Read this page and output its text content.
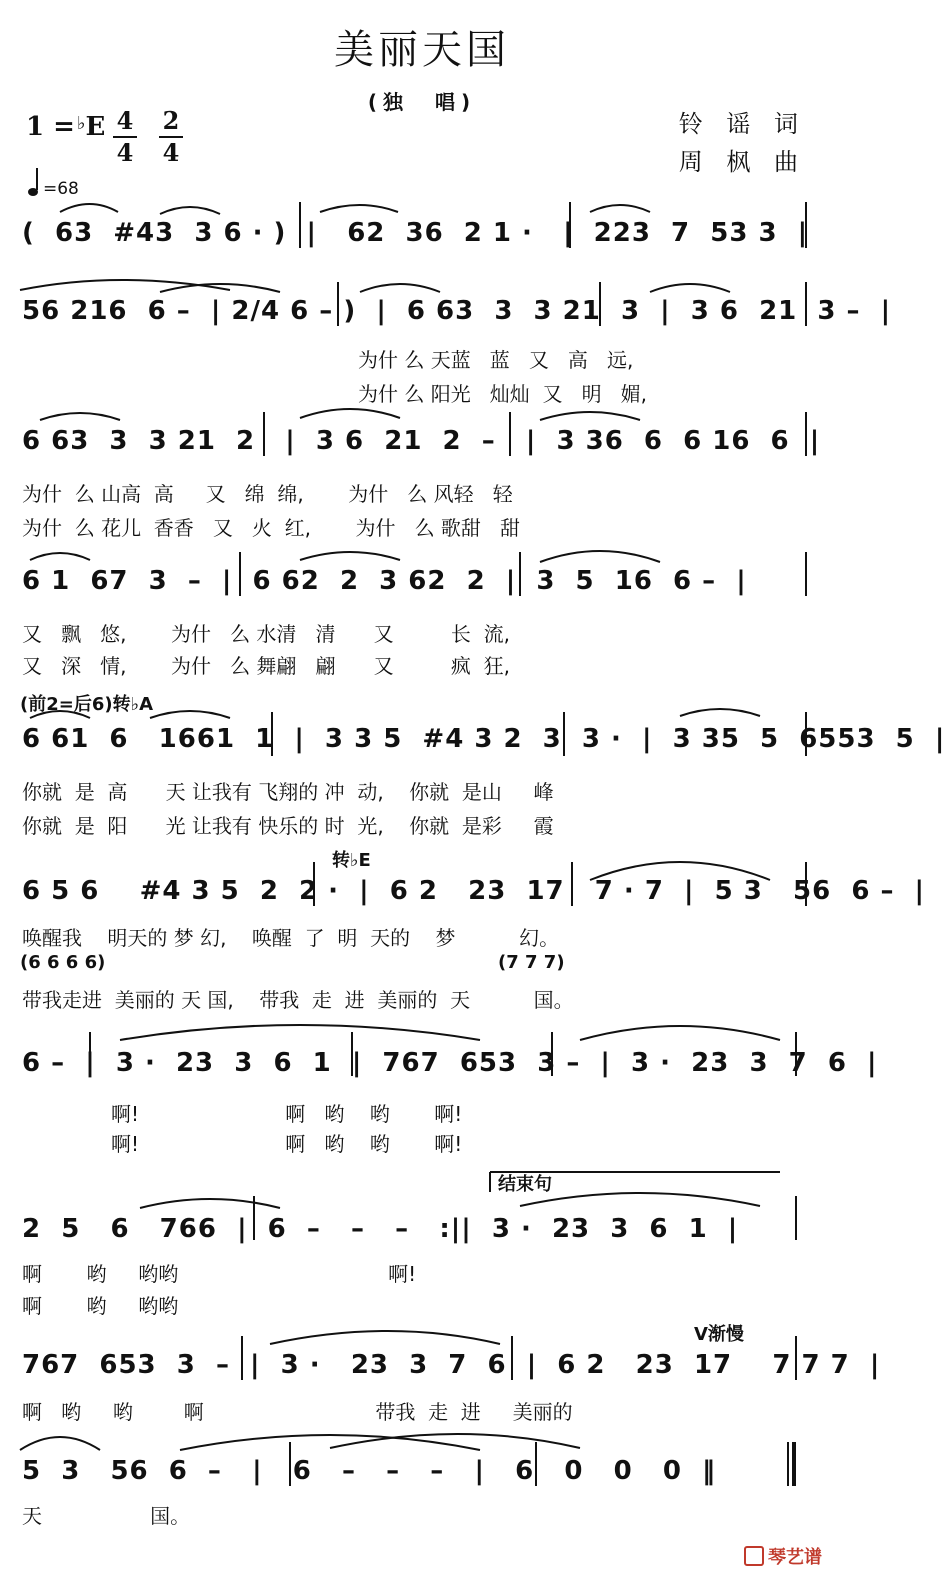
美丽天国
(独　唱)
铃 谣 词
周 枫 曲
1 = ♭E 4
4
2
4
=68
(  63  #43  3 6 · )  |   62  36  2 1 ·   |  223  7  53 3  |
56 216  6 –  | 2/4 6 – )  |  6 63  3  3 21  3  |  3 6  21  3 –  |
为什 么 天蓝   蓝   又   高   远,
为什 么 阳光   灿灿  又   明   媚,
6 63  3  3 21  2   |  3 6  21  2  –   |  3 36  6  6 16  6  |
为什  么 山高  高     又   绵  绵,       为什   么 风轻   轻
为什  么 花儿  香香   又   火  红,       为什   么 歌甜   甜
6 1  67  3  –  |  6 62  2  3 62  2  |  3  5  16  6 –  |
又   飘   悠,       为什   么 水清   清      又         长  流,
又   深   情,       为什   么 舞翩   翩      又         疯  狂,
(前2=后6)转♭A
6 61  6   1661  1  |  3 3 5  #4 3 2  3  3 ·  |  3 35  5  6553  5  |
你就  是  高      天 让我有 飞翔的 冲  动,    你就  是山     峰
你就  是  阳      光 让我有 快乐的 时  光,    你就  是彩     霞
转♭E
6 5 6    #4 3 5  2  2 ·  |  6 2   23  17   7 · 7  |  5 3   56  6 –  |
唤醒我    明天的 梦 幻,    唤醒  了  明  天的    梦          幻。
(6 6 6 6)	(7 7 7)
带我走进  美丽的 天 国,    带我  走  进  美丽的  天          国。
6 –  |  3 ·  23  3  6  1  |  767  653  3 –  |  3 ·  23  3  7  6  |
啊!                       啊   哟    哟       啊!
啊!                       啊   哟    哟       啊!
结束句
2  5   6   766  |  6  –   –   –   :||  3 ·  23  3  6  1  |
啊       哟     哟哟                                 啊!
啊       哟     哟哟
V渐慢
767  653  3  –  |  3 ·   23  3  7  6  |  6 2   23  17    7 7 7  |
啊   哟     哟        啊                           带我  走  进     美丽的
5  3   56  6  –   |   6   –   –   –   |   6   0   0   0  ‖
天                 国。
琴艺谱
